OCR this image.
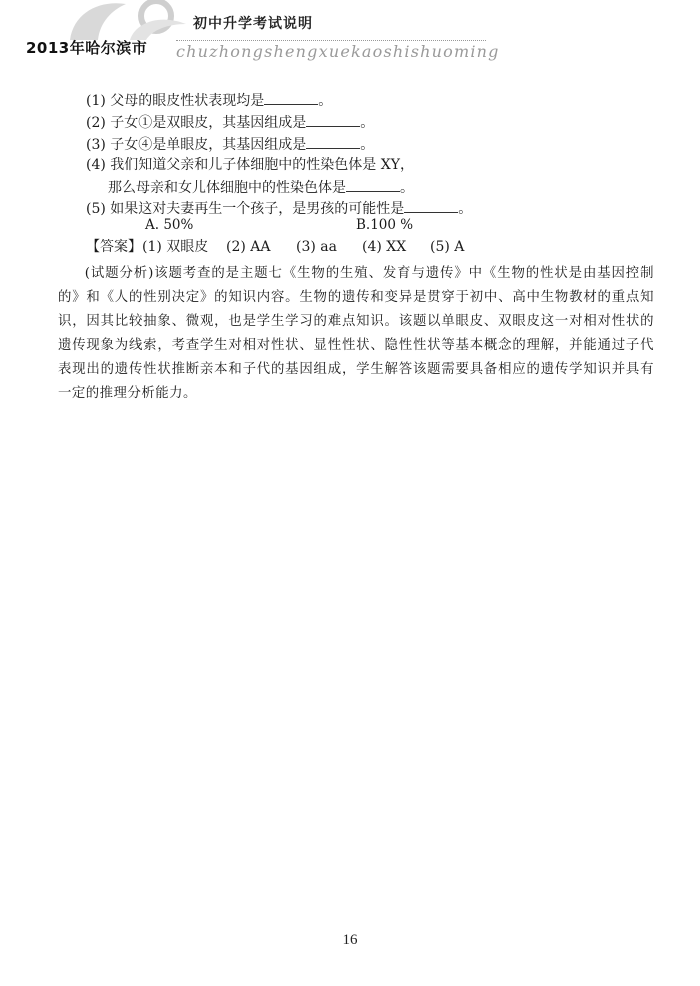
2013年哈尔滨市
初中升学考试说明
chuzhongshengxuekaoshishuoming
(1) 父母的眼皮性状表现均是	。
(2) 子女①是双眼皮，其基因组成是	。
(3) 子女④是单眼皮，其基因组成是	。
(4) 我们知道父亲和儿子体细胞中的性染色体是 XY，
那么母亲和女儿体细胞中的性染色体是	。
(5) 如果这对夫妻再生一个孩子，是男孩的可能性是	。
A. 50%	B.100 %
【答案】(1) 双眼皮 (2) AA (3) aa (4) XX (5) A

(试题分析)该题考查的是主题七《生物的生殖、发育与遗传》中《生物的性状是由基因控制的》和《人的性别决定》的知识内容。生物的遗传和变异是贯穿于初中、高中生物教材的重点知识，因其比较抽象、微观，也是学生学习的难点知识。该题以单眼皮、双眼皮这一对相对性状的遗传现象为线索，考查学生对相对性状、显性性状、隐性性状等基本概念的理解，并能通过子代表现出的遗传性状推断亲本和子代的基因组成，学生解答该题需要具备相应的遗传学知识并具有一定的推理分析能力。

16
